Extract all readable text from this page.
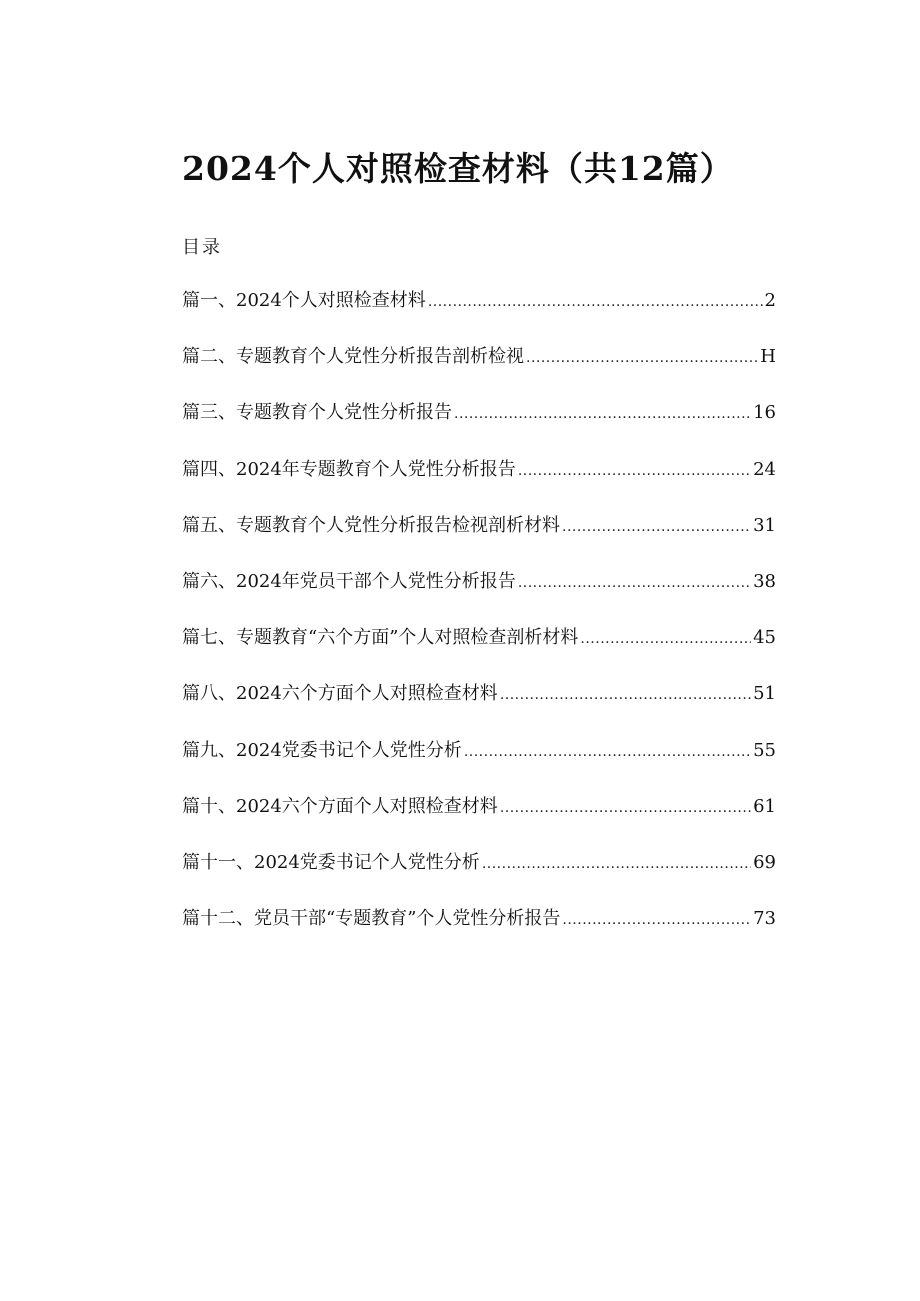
2024个人对照检查材料（共12篇）
目录
篇一、2024个人对照检查材料 .....	2
篇二、专题教育个人党性分析报告剖析检视 .....	H
篇三、专题教育个人党性分析报告 .....	16
篇四、2024年专题教育个人党性分析报告 .....	24
篇五、专题教育个人党性分析报告检视剖析材料 .....	31
篇六、2024年党员干部个人党性分析报告 .....	38
篇七、专题教育“六个方面”个人对照检查剖析材料 .....	45
篇八、2024六个方面个人对照检查材料 .....	51
篇九、2024党委书记个人党性分析 .....	55
篇十、2024六个方面个人对照检查材料 .....	61
篇十一、2024党委书记个人党性分析 .....	69
篇十二、党员干部“专题教育”个人党性分析报告 .....	73
